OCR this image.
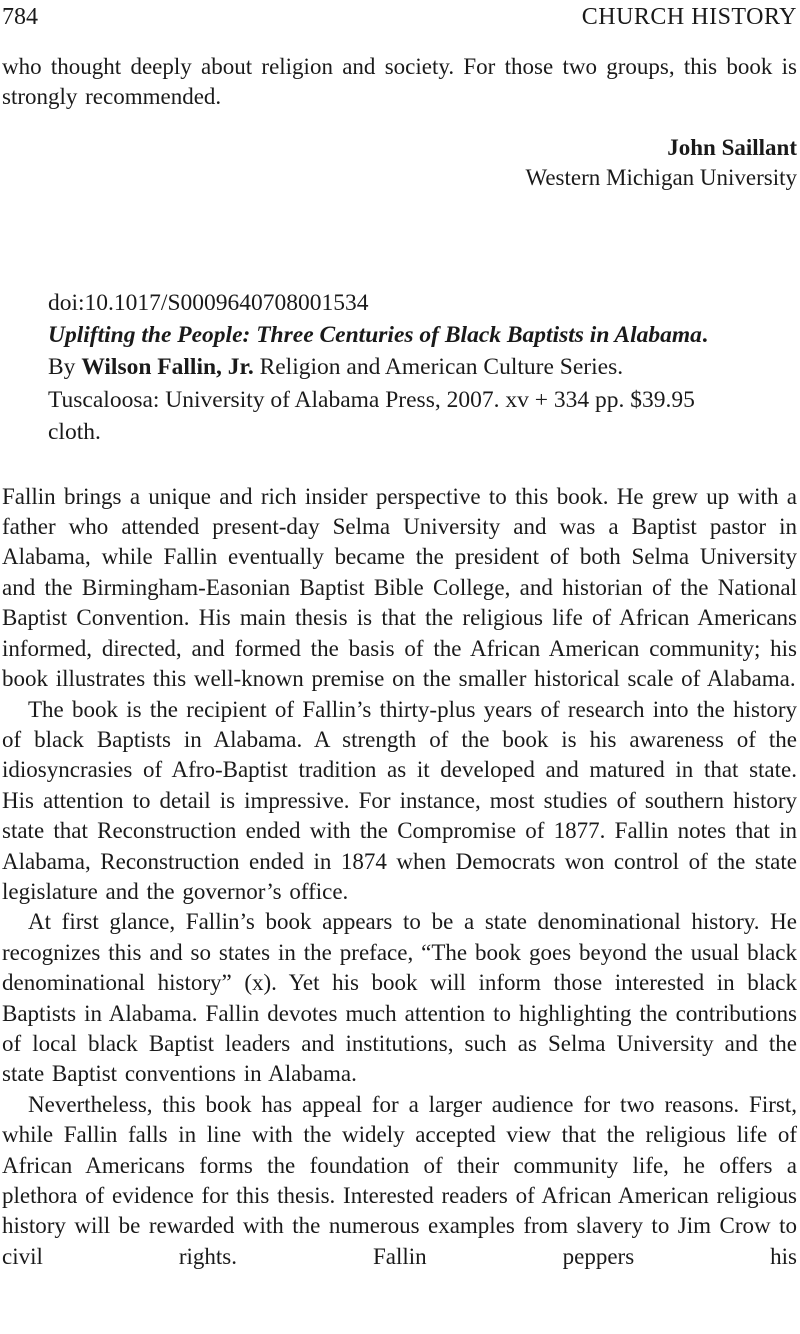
784	CHURCH HISTORY

who thought deeply about religion and society. For those two groups, this book is strongly recommended.

John Saillant
Western Michigan University
doi:10.1017/S0009640708001534
Uplifting the People: Three Centuries of Black Baptists in Alabama.
By Wilson Fallin, Jr. Religion and American Culture Series.
Tuscaloosa: University of Alabama Press, 2007. xv + 334 pp. $39.95
cloth.

Fallin brings a unique and rich insider perspective to this book. He grew up with a father who attended present-day Selma University and was a Baptist pastor in Alabama, while Fallin eventually became the president of both Selma University and the Birmingham-Easonian Baptist Bible College, and historian of the National Baptist Convention. His main thesis is that the religious life of African Americans informed, directed, and formed the basis of the African American community; his book illustrates this well-known premise on the smaller historical scale of Alabama.

The book is the recipient of Fallin’s thirty-plus years of research into the history of black Baptists in Alabama. A strength of the book is his awareness of the idiosyncrasies of Afro-Baptist tradition as it developed and matured in that state. His attention to detail is impressive. For instance, most studies of southern history state that Reconstruction ended with the Compromise of 1877. Fallin notes that in Alabama, Reconstruction ended in 1874 when Democrats won control of the state legislature and the governor’s office.

At first glance, Fallin’s book appears to be a state denominational history. He recognizes this and so states in the preface, “The book goes beyond the usual black denominational history” (x). Yet his book will inform those interested in black Baptists in Alabama. Fallin devotes much attention to highlighting the contributions of local black Baptist leaders and institutions, such as Selma University and the state Baptist conventions in Alabama.

Nevertheless, this book has appeal for a larger audience for two reasons. First, while Fallin falls in line with the widely accepted view that the religious life of African Americans forms the foundation of their community life, he offers a plethora of evidence for this thesis. Interested readers of African American religious history will be rewarded with the numerous examples from slavery to Jim Crow to civil rights. Fallin peppers his
